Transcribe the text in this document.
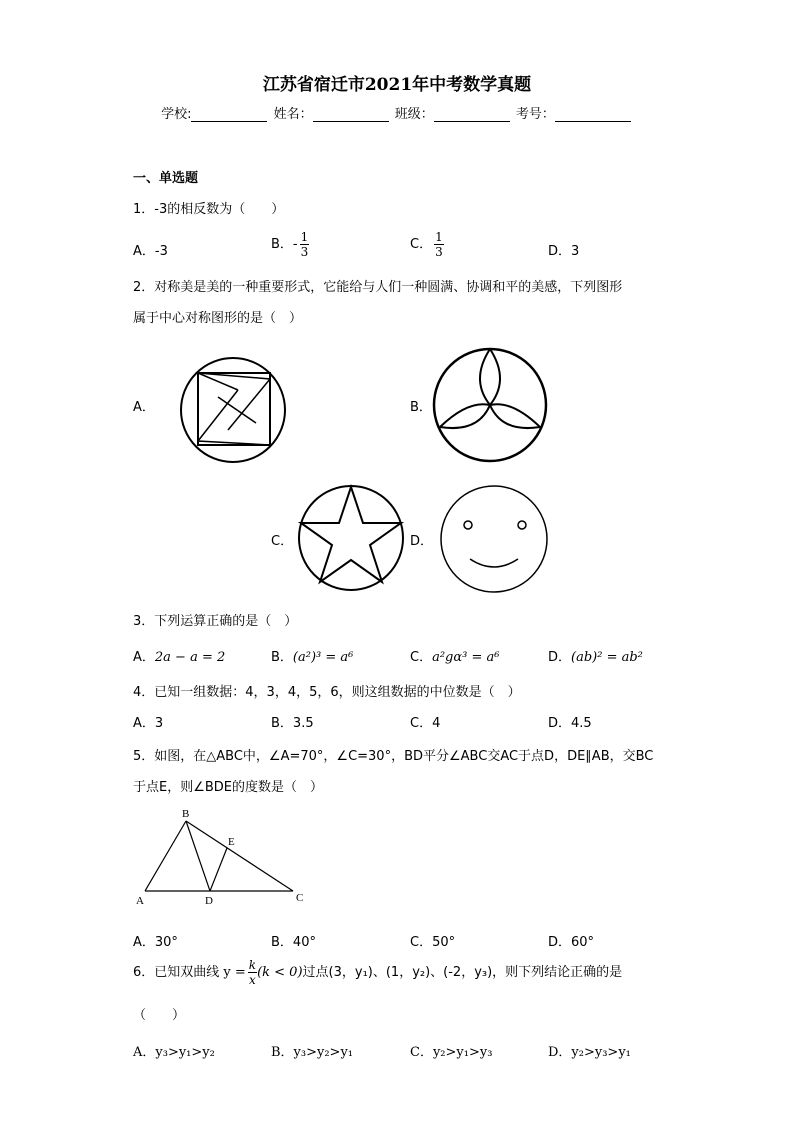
江苏省宿迁市2021年中考数学真题
学校:	姓名：	班级：	考号：
一、单选题
1．-3的相反数为（　　）
A．-3	B．- $\frac{1}{3}$	C． $\frac{1}{3}$	D．3
2．对称美是美的一种重要形式，它能给与人们一种圆满、协调和平的美感，下列图形
属于中心对称图形的是（　）
A．	B．
C．	D．
3．下列运算正确的是（　）
A．2a − a = 2	B．(a²)³ = a⁶	C．a²gα³ = a⁶	D．(ab)² = ab²
4．已知一组数据：4，3，4，5，6，则这组数据的中位数是（　）
A．3	B．3.5	C．4	D．4.5
5．如图，在△ABC中，∠A=70°，∠C=30°，BD平分∠ABC交AC于点D，DE∥AB，交BC
于点E，则∠BDE的度数是（　）
A
B
C
D
E
A．30°	B．40°	C．50°	D．60°
6．已知双曲线 $y = \frac{k}{x} (k < 0)$过点(3，y₁)、(1，y₂)、(-2，y₃)，则下列结论正确的是
（　　）
A．y₃>y₁>y₂	B．y₃>y₂>y₁	C．y₂>y₁>y₃	D．y₂>y₃>y₁
